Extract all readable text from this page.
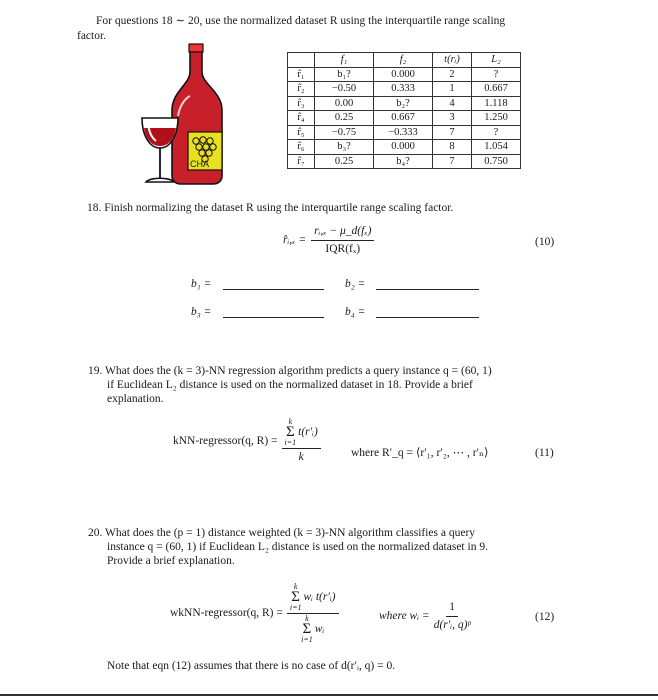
For questions 18 ∼ 20, use the normalized dataset R using the interquartile range scaling
factor.
CHA
	f₁	f₂	t(rᵢ)	L₂
r̂₁	b₁?	0.000	2	?
r̂₂	−0.50	0.333	1	0.667
r̂₃	0.00	b₂?	4	1.118
r̂₄	0.25	0.667	3	1.250
r̂₅	−0.75	−0.333	7	?
r̂₆	b₃?	0.000	8	1.054
r̂₇	0.25	b₄?	7	0.750
18. Finish normalizing the dataset R using the interquartile range scaling factor.
r̂ᵢ,ₓ = $\frac{\text{rᵢ,ₓ − μ\_d(fₓ)}}{\text{IQR(fₓ)}}$	(10)
b₁ =	b₂ =
b₃ =	b₄ =
19. What does the (k = 3)-NN regression algorithm predicts a query instance q = (60, 1)
if Euclidean L₂ distance is used on the normalized dataset in 18. Provide a brief
explanation.
kNN-regressor(q, R) = k
Σ
i=1
t(r′ᵢ)
k	where R′_q = ⟨r′₁, r′₂, ⋯ , r′ₙ⟩	(11)
20. What does the (p = 1) distance weighted (k = 3)-NN algorithm classifies a query
instance q = (60, 1) if Euclidean L₂ distance is used on the normalized dataset in 9.
Provide a brief explanation.
wkNN-regressor(q, R) = k
Σ
i=1
wᵢ t(r′ᵢ)
k
Σ
i=1
wᵢ	where wᵢ = $\frac{1}{\text{d(r′ᵢ, q)ᵖ}}$	(12)
Note that eqn (12) assumes that there is no case of d(r′ᵢ, q) = 0.
